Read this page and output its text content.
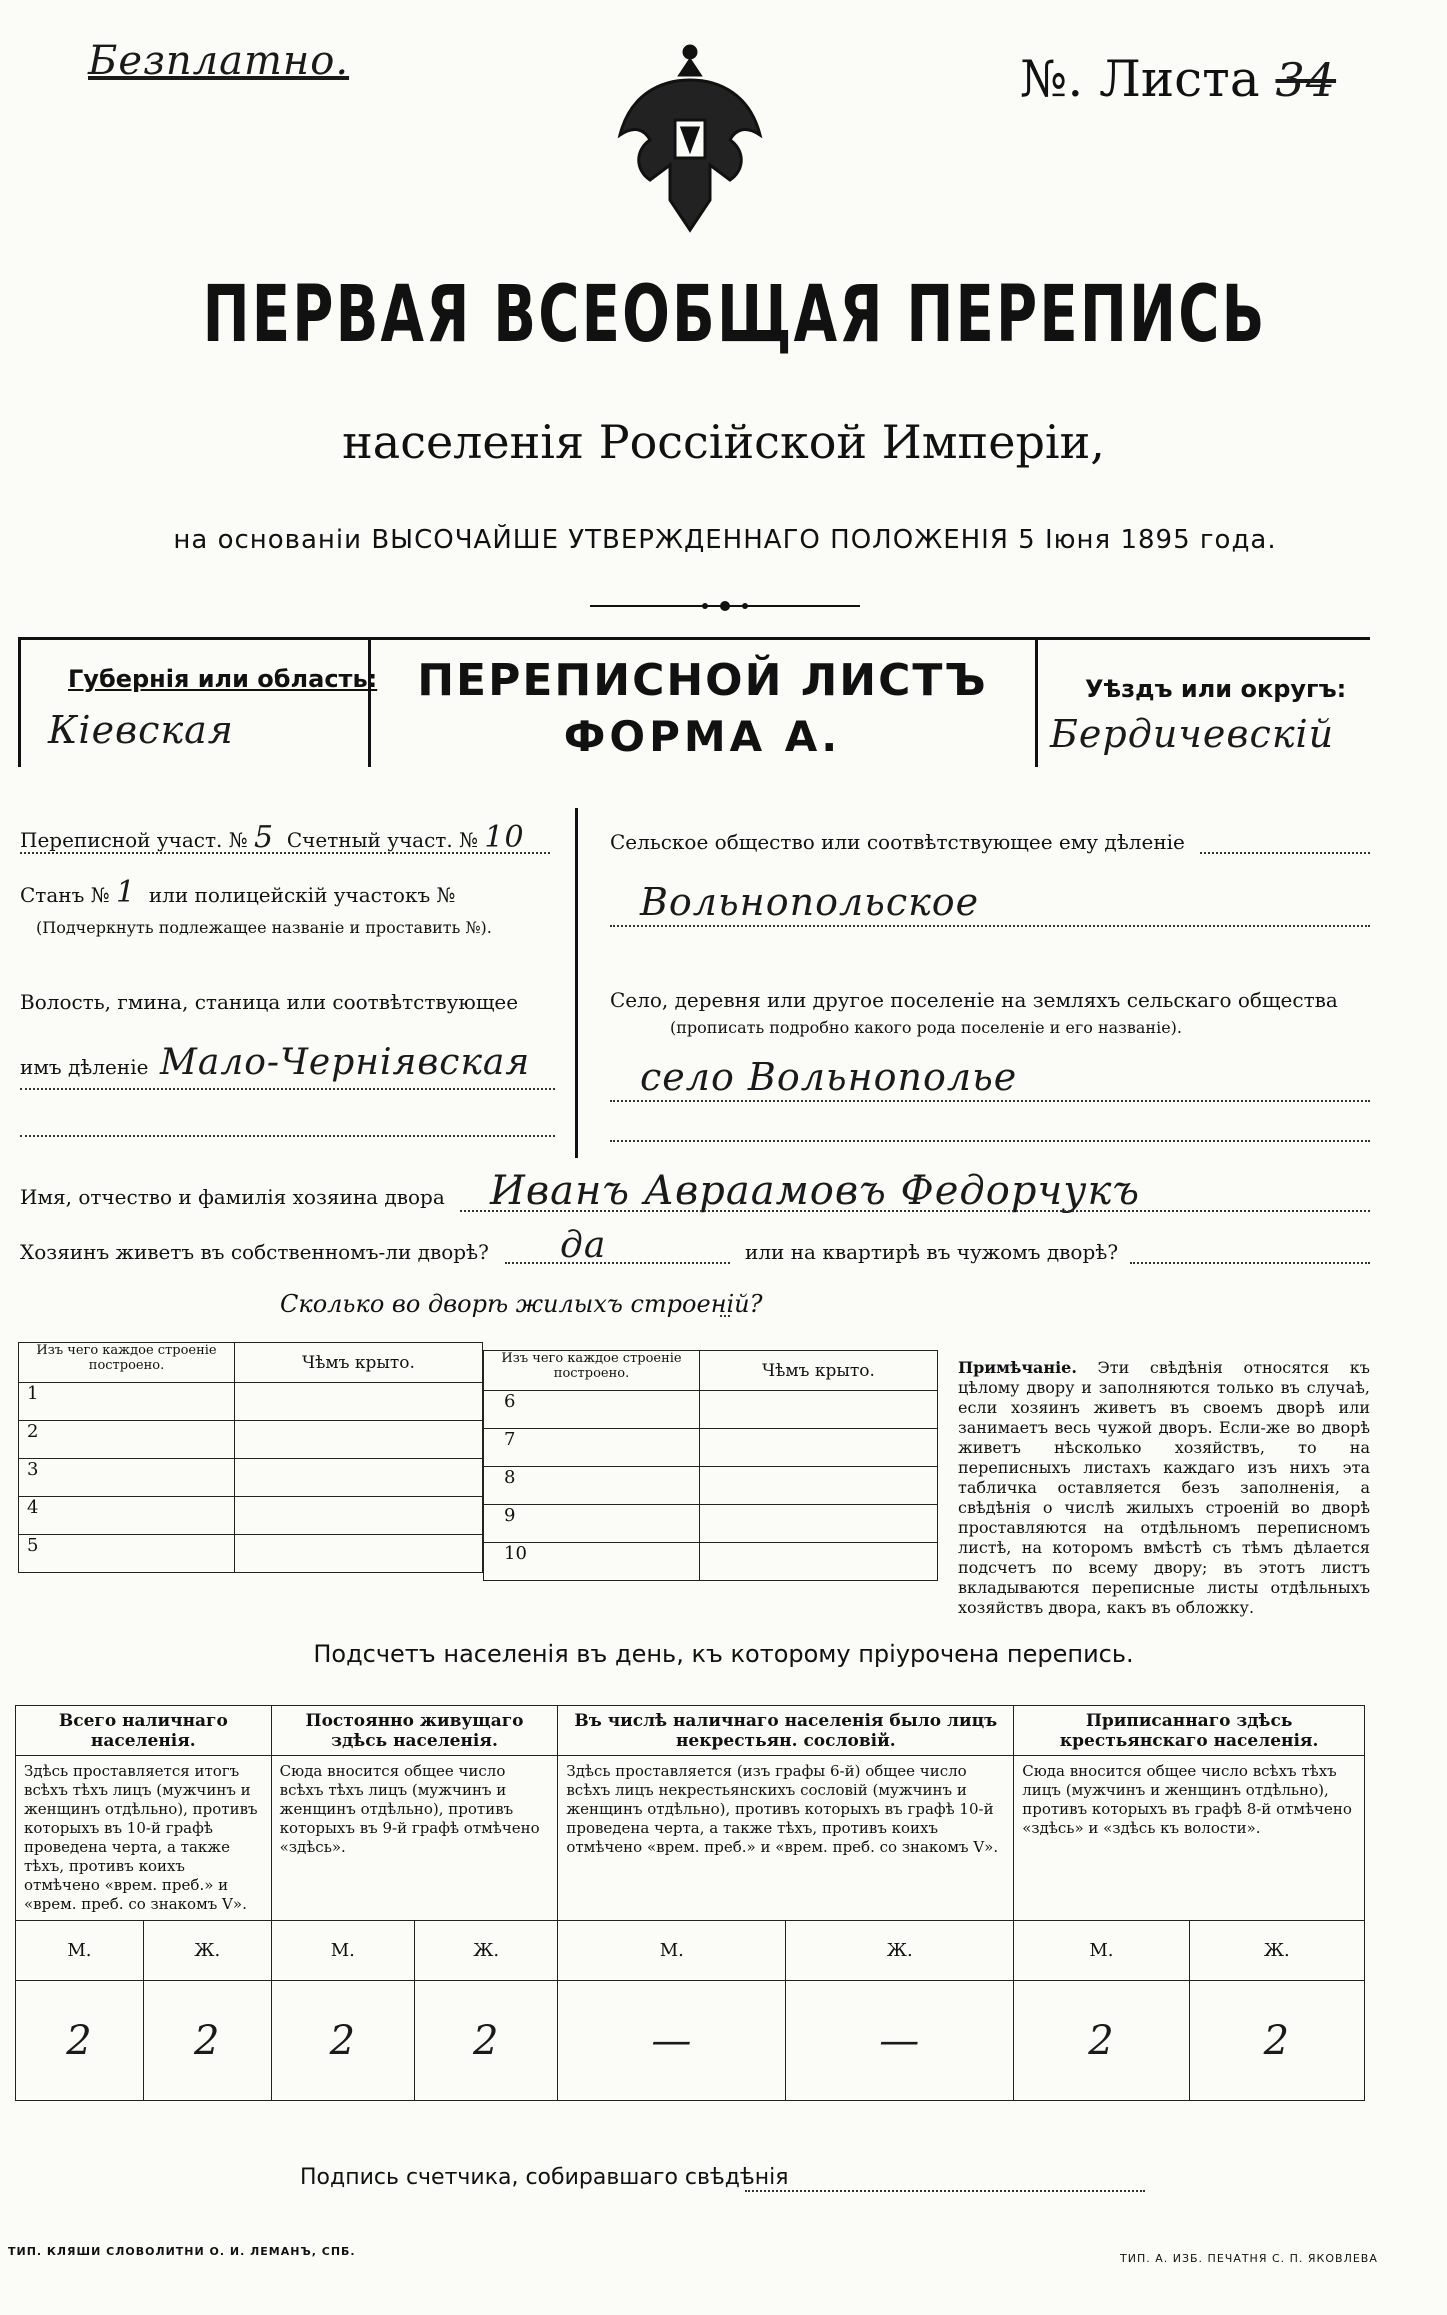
Безплатно.	№. Листа 34
ПЕРВАЯ ВСЕОБЩАЯ ПЕРЕПИСЬ
населенія Россійской Имперіи,
на основаніи ВЫСОЧАЙШЕ УТВЕРЖДЕННАГО ПОЛОЖЕНІЯ 5 Іюня 1895 года.
Губернія или область:
Кіевская
ПЕРЕПИСНОЙ ЛИСТЪ
ФОРМА А.
Уѣздъ или округъ:
Бердичевскій
Переписной участ. № 5 Счетный участ. № 10
Станъ № 1 или полицейскій участокъ №
(Подчеркнуть подлежащее названіе и проставить №).
Волость, гмина, станица или соотвѣтствующее
имъ дѣленіе Мало-Черніявская
Сельское общество или соотвѣтствующее ему дѣленіе
Вольнопольское
Село, деревня или другое поселеніе на земляхъ сельскаго общества
(прописать подробно какого рода поселеніе и его названіе).
село Вольнополье
Имя, отчество и фамилія хозяина двора Иванъ Авраамовъ Федорчукъ
Хозяинъ живетъ въ собственномъ-ли дворѣ? да	или на квартирѣ въ чужомъ дворѣ?
Сколько во дворѣ жилыхъ строеній?
Изъ чего каждое строеніе построено.	Чѣмъ крыто.
1	
2	
3	
4	
5	
Изъ чего каждое строеніе построено.	Чѣмъ крыто.
6	
7	
8	
9	
10	
Примѣчаніе. Эти свѣдѣнія относятся къ цѣлому двору и заполняются только въ случаѣ, если хозяинъ живетъ въ своемъ дворѣ или занимаетъ весь чужой дворъ. Если-же во дворѣ живетъ нѣсколько хозяйствъ, то на переписныхъ листахъ каждаго изъ нихъ эта табличка оставляется безъ заполненія, а свѣдѣнія о числѣ жилыхъ строеній во дворѣ проставляются на отдѣльномъ переписномъ листѣ, на которомъ вмѣстѣ съ тѣмъ дѣлается подсчетъ по всему двору; въ этотъ листъ вкладываются переписные листы отдѣльныхъ хозяйствъ двора, какъ въ обложку.
Подсчетъ населенія въ день, къ которому пріурочена перепись.
Всего наличнаго населенія.		Постоянно живущаго здѣсь населенія.		Въ числѣ наличнаго населенія было лицъ некрестьян. сословій.		Приписаннаго здѣсь крестьянскаго населенія.	
Здѣсь проставляется итогъ всѣхъ тѣхъ лицъ (мужчинъ и женщинъ отдѣльно), противъ которыхъ въ 10-й графѣ проведена черта, а также тѣхъ, противъ коихъ отмѣчено «врем. преб.» и «врем. преб. со знакомъ V».		Сюда вносится общее число всѣхъ тѣхъ лицъ (мужчинъ и женщинъ отдѣльно), противъ которыхъ въ 9-й графѣ отмѣчено «здѣсь».		Здѣсь проставляется (изъ графы 6-й) общее число всѣхъ лицъ некрестьянскихъ сословій (мужчинъ и женщинъ отдѣльно), противъ которыхъ въ графѣ 10-й проведена черта, а также тѣхъ, противъ коихъ отмѣчено «врем. преб.» и «врем. преб. со знакомъ V».		Сюда вносится общее число всѣхъ тѣхъ лицъ (мужчинъ и женщинъ отдѣльно), противъ которыхъ въ графѣ 8-й отмѣчено «здѣсь» и «здѣсь къ волости».	
М.	Ж.	М.	Ж.	М.	Ж.	М.	Ж.
2	2	2	2	—	—	2	2
Подпись счетчика, собиравшаго свѣдѣнія
ТИП. КЛЯШИ СЛОВОЛИТНИ О. И. ЛЕМАНЪ, СПБ.
ТИП. А. ИЗБ. ПЕЧАТНЯ С. П. ЯКОВЛЕВА
